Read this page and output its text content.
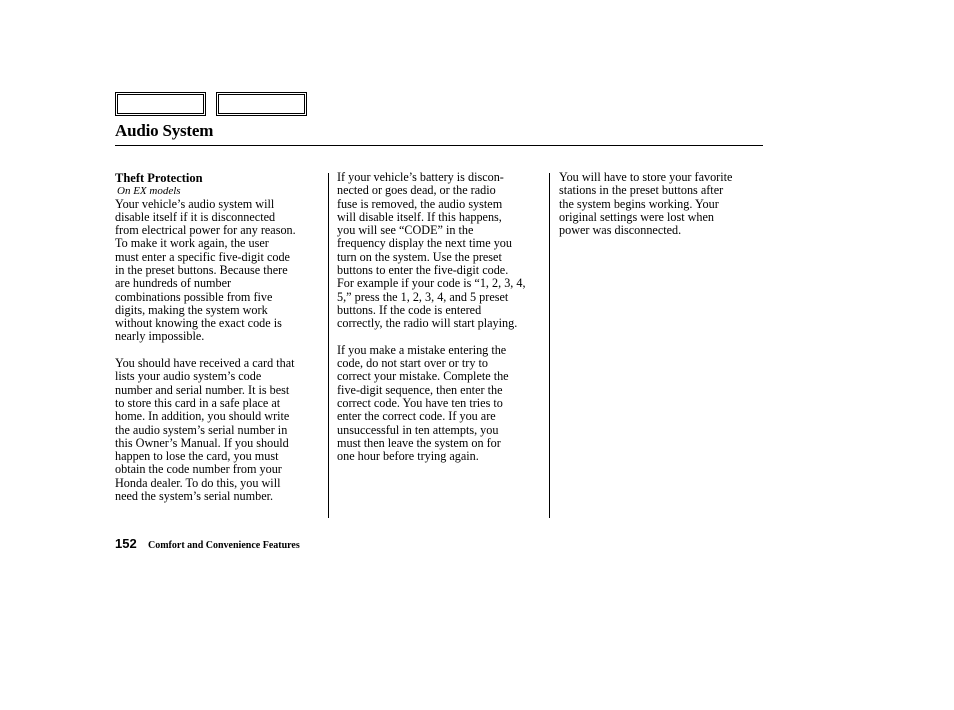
Audio System
Theft Protection
On EX models

Your vehicle’s audio system will
disable itself if it is disconnected
from electrical power for any reason.
To make it work again, the user
must enter a specific five-digit code
in the preset buttons. Because there
are hundreds of number
combinations possible from five
digits, making the system work
without knowing the exact code is
nearly impossible.

You should have received a card that
lists your audio system’s code
number and serial number. It is best
to store this card in a safe place at
home. In addition, you should write
the audio system’s serial number in
this Owner’s Manual. If you should
happen to lose the card, you must
obtain the code number from your
Honda dealer. To do this, you will
need the system’s serial number.

If your vehicle’s battery is discon-
nected or goes dead, or the radio
fuse is removed, the audio system
will disable itself. If this happens,
you will see “CODE” in the
frequency display the next time you
turn on the system. Use the preset
buttons to enter the five-digit code.
For example if your code is “1, 2, 3, 4,
5,” press the 1, 2, 3, 4, and 5 preset
buttons. If the code is entered
correctly, the radio will start playing.

If you make a mistake entering the
code, do not start over or try to
correct your mistake. Complete the
five-digit sequence, then enter the
correct code. You have ten tries to
enter the correct code. If you are
unsuccessful in ten attempts, you
must then leave the system on for
one hour before trying again.

You will have to store your favorite
stations in the preset buttons after
the system begins working. Your
original settings were lost when
power was disconnected.

152 Comfort and Convenience Features
